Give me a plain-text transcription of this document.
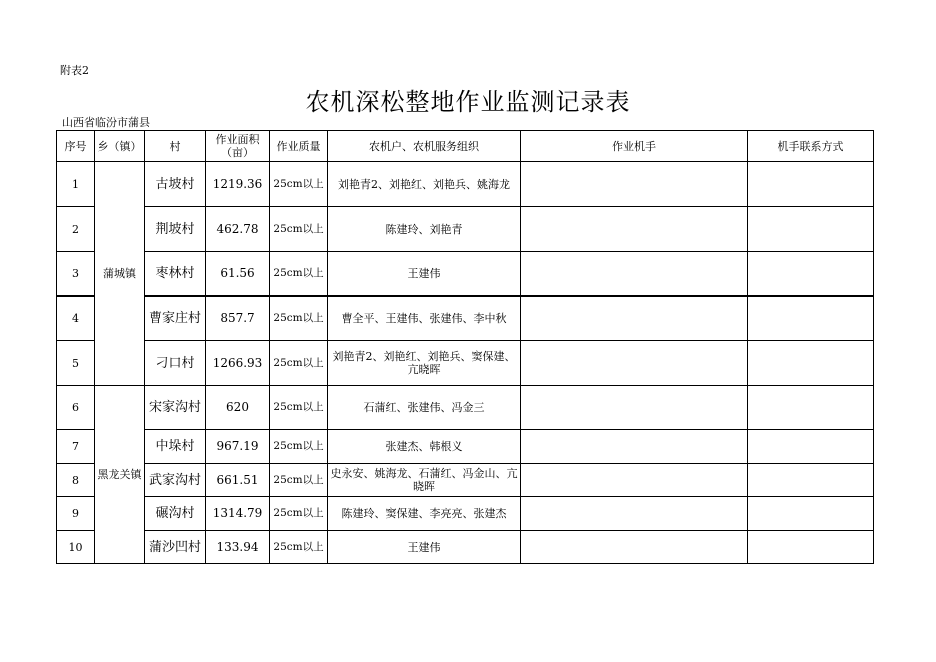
附表2
农机深松整地作业监测记录表
山西省临汾市蒲县
序号	乡（镇）	村	作业面积（亩）	作业质量	农机户、农机服务组织	作业机手	机手联系方式
1	蒲城镇	古坡村	1219.36	25cm以上	刘艳青2、刘艳红、刘艳兵、姚海龙		
2		荆坡村	462.78	25cm以上	陈建玲、刘艳青		
3		枣林村	61.56	25cm以上	王建伟		
4		曹家庄村	857.7	25cm以上	曹全平、王建伟、张建伟、李中秋		
5		刁口村	1266.93	25cm以上	刘艳青2、刘艳红、刘艳兵、窦保建、亢晓晖		
6	黑龙关镇	宋家沟村	620	25cm以上	石蒲红、张建伟、冯金三		
7		中垛村	967.19	25cm以上	张建杰、韩根义		
8		武家沟村	661.51	25cm以上	史永安、姚海龙、石蒲红、冯金山、亢晓晖		
9		碾沟村	1314.79	25cm以上	陈建玲、窦保建、李亮亮、张建杰		
10		蒲沙凹村	133.94	25cm以上	王建伟		
